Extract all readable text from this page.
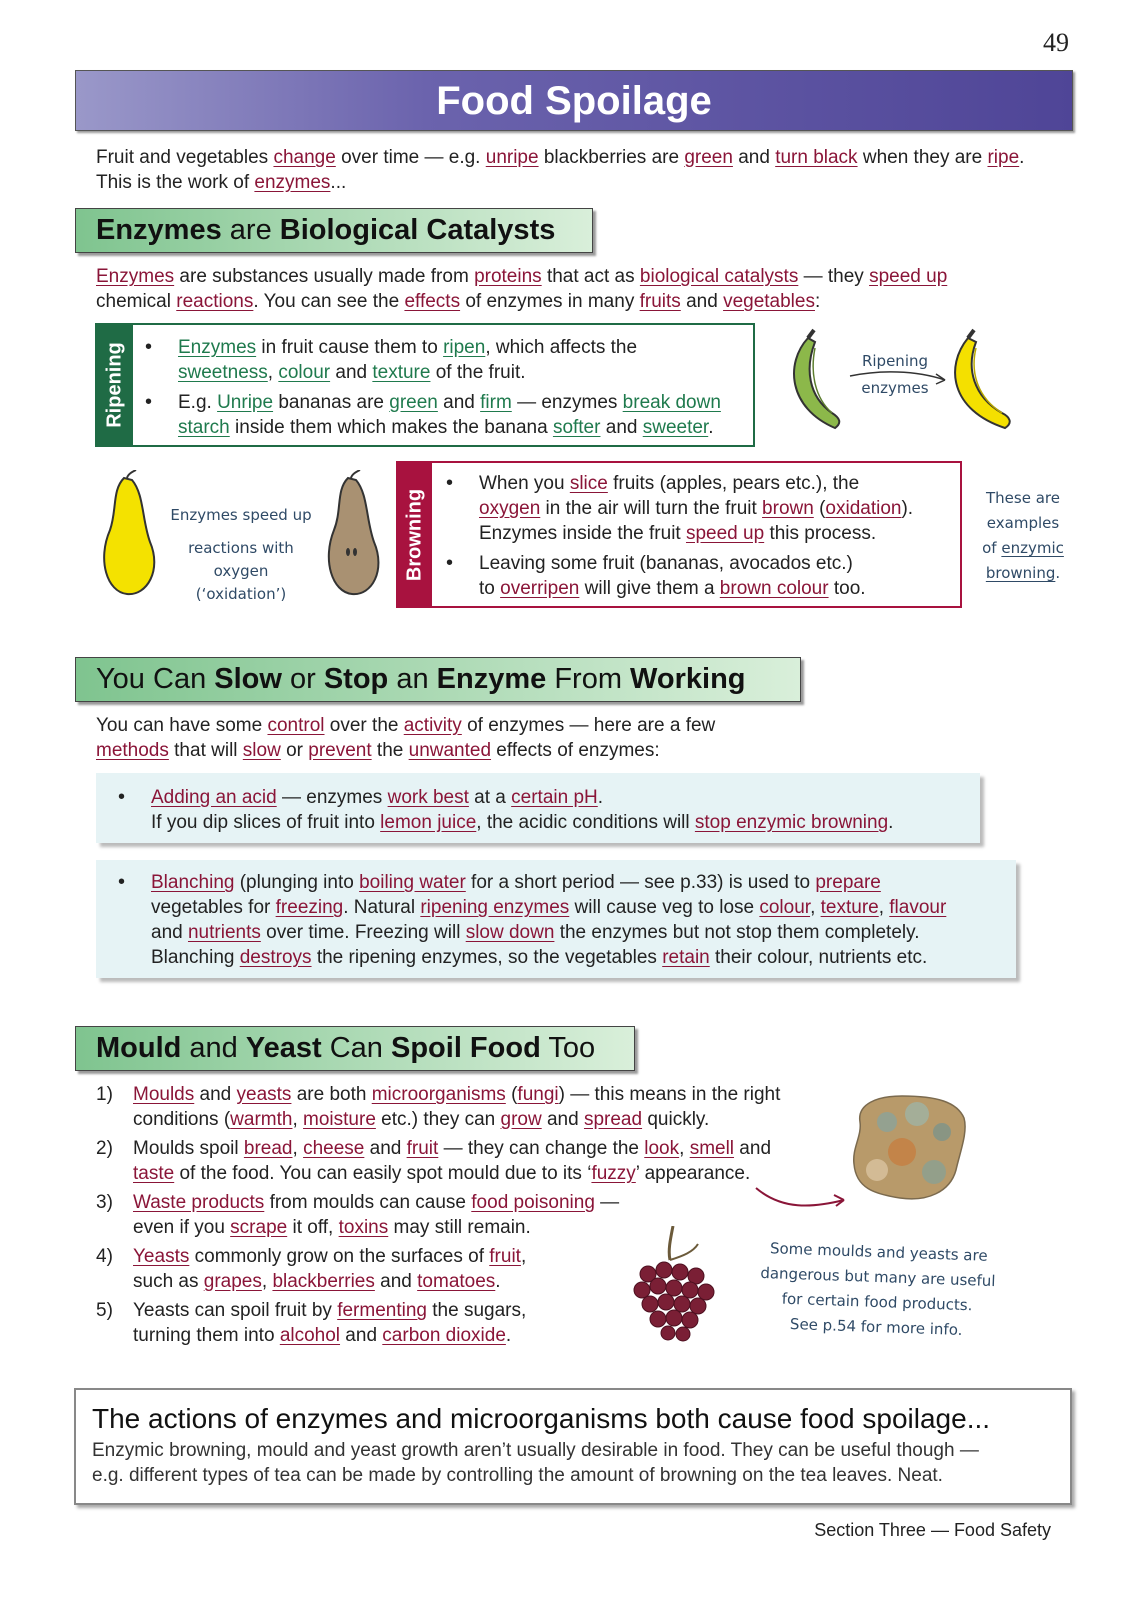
49
Food Spoilage
Fruit and vegetables change over time — e.g. unripe blackberries are green and turn black when they are ripe.
This is the work of enzymes...
Enzymes are Biological Catalysts
Enzymes are substances usually made from proteins that act as biological catalysts — they speed up
chemical reactions. You can see the effects of enzymes in many fruits and vegetables:
Ripening
•	Enzymes in fruit cause them to ripen, which affects the
sweetness, colour and texture of the fruit.
• E.g. Unripe bananas are green and firm — enzymes break down
starch inside them which makes the banana softer and sweeter.
Ripening
enzymes
Enzymes speed up
reactions with oxygen
(‘oxidation’)
Browning
• When you slice fruits (apples, pears etc.), the
oxygen in the air will turn the fruit brown (oxidation).
Enzymes inside the fruit speed up this process.
• Leaving some fruit (bananas, avocados etc.)
to overripen will give them a brown colour too.
These are
examples
of enzymic
browning.
You Can Slow or Stop an Enzyme From Working
You can have some control over the activity of enzymes — here are a few
methods that will slow or prevent the unwanted effects of enzymes:
• Adding an acid — enzymes work best at a certain pH.
If you dip slices of fruit into lemon juice, the acidic conditions will stop enzymic browning.
• Blanching (plunging into boiling water for a short period — see p.33) is used to prepare
vegetables for freezing. Natural ripening enzymes will cause veg to lose colour, texture, flavour
and nutrients over time. Freezing will slow down the enzymes but not stop them completely.
Blanching destroys the ripening enzymes, so the vegetables retain their colour, nutrients etc.
Mould and Yeast Can Spoil Food Too
1) Moulds and yeasts are both microorganisms (fungi) — this means in the right
conditions (warmth, moisture etc.) they can grow and spread quickly.
2) Moulds spoil bread, cheese and fruit — they can change the look, smell and
taste of the food. You can easily spot mould due to its ‘fuzzy’ appearance.
3) Waste products from moulds can cause food poisoning —
even if you scrape it off, toxins may still remain.
4) Yeasts commonly grow on the surfaces of fruit,
such as grapes, blackberries and tomatoes.
5) Yeasts can spoil fruit by fermenting the sugars,
turning them into alcohol and carbon dioxide.
Some moulds and yeasts are
dangerous but many are useful
for certain food products.
See p.54 for more info.
The actions of enzymes and microorganisms both cause food spoilage...
Enzymic browning, mould and yeast growth aren’t usually desirable in food. They can be useful though —
e.g. different types of tea can be made by controlling the amount of browning on the tea leaves. Neat.
Section Three — Food Safety
